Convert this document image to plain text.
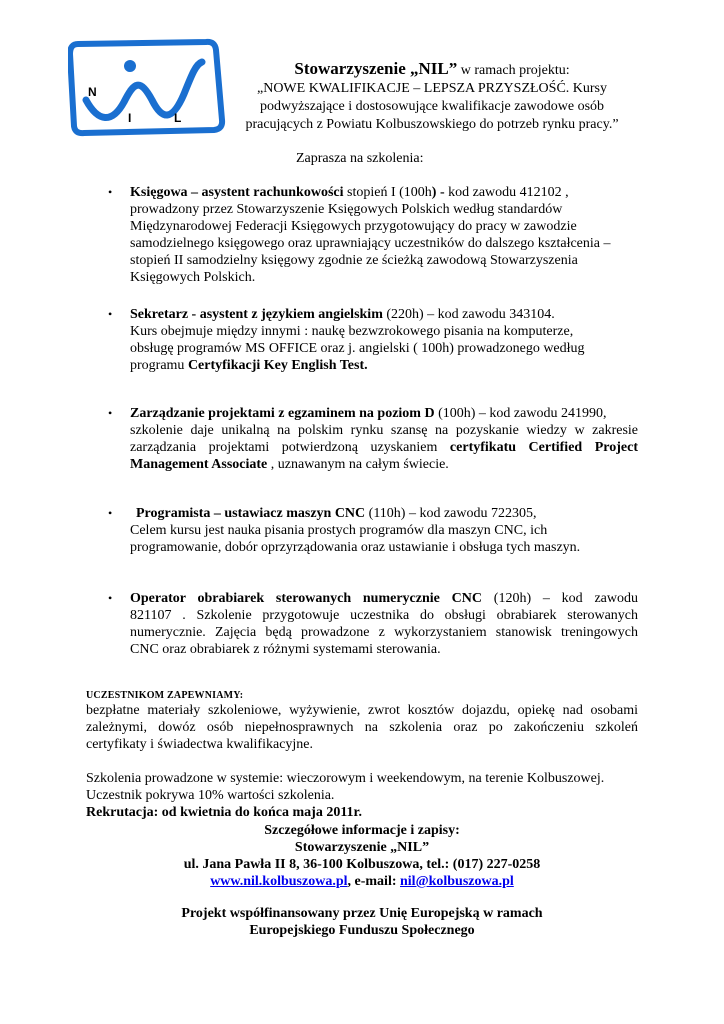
N
I	L
Stowarzyszenie „NIL” w ramach projektu:
„NOWE KWALIFIKACJE – LEPSZA PRZYSZŁOŚĆ. Kursy
podwyższające i dostosowujące kwalifikacje zawodowe osób
pracujących z Powiatu Kolbuszowskiego do potrzeb rynku pracy.”
Zaprasza na szkolenia:
• Księgowa – asystent rachunkowości stopień I (100h) - kod zawodu 412102 ,
prowadzony przez Stowarzyszenie Księgowych Polskich według standardów
Międzynarodowej Federacji Księgowych przygotowujący do pracy w zawodzie
samodzielnego księgowego oraz uprawniający uczestników do dalszego kształcenia –
stopień II samodzielny księgowy zgodnie ze ścieżką zawodową Stowarzyszenia
Księgowych Polskich.
• Sekretarz - asystent z językiem angielskim (220h) – kod zawodu 343104.
Kurs obejmuje między innymi : naukę bezwzrokowego pisania na komputerze,
obsługę programów MS OFFICE oraz j. angielski ( 100h) prowadzonego według
programu Certyfikacji Key English Test.
• Zarządzanie projektami z egzaminem na poziom D (100h) – kod zawodu 241990,
szkolenie daje unikalną na polskim rynku szansę na pozyskanie wiedzy w zakresie
zarządzania projektami potwierdzoną uzyskaniem certyfikatu Certified Project
Management Associate , uznawanym na całym świecie.
•	Programista – ustawiacz maszyn CNC (110h) – kod zawodu 722305,
Celem kursu jest nauka pisania prostych programów dla maszyn CNC, ich
programowanie, dobór oprzyrządowania oraz ustawianie i obsługa tych maszyn.
• Operator obrabiarek sterowanych numerycznie CNC (120h) – kod zawodu
821107 . Szkolenie przygotowuje uczestnika do obsługi obrabiarek sterowanych
numerycznie. Zajęcia będą prowadzone z wykorzystaniem stanowisk treningowych
CNC oraz obrabiarek z różnymi systemami sterowania.
UCZESTNIKOM ZAPEWNIAMY:
bezpłatne materiały szkoleniowe, wyżywienie, zwrot kosztów dojazdu, opiekę nad osobami
zależnymi, dowóz osób niepełnosprawnych na szkolenia oraz po zakończeniu szkoleń
certyfikaty i świadectwa kwalifikacyjne.
Szkolenia prowadzone w systemie: wieczorowym i weekendowym, na terenie Kolbuszowej.
Uczestnik pokrywa 10% wartości szkolenia.
Rekrutacja: od kwietnia do końca maja 2011r.
Szczegółowe informacje i zapisy:
Stowarzyszenie „NIL”
ul. Jana Pawła II 8, 36-100 Kolbuszowa, tel.: (017) 227-0258
www.nil.kolbuszowa.pl, e-mail: nil@kolbuszowa.pl
Projekt współfinansowany przez Unię Europejską w ramach
Europejskiego Funduszu Społecznego
